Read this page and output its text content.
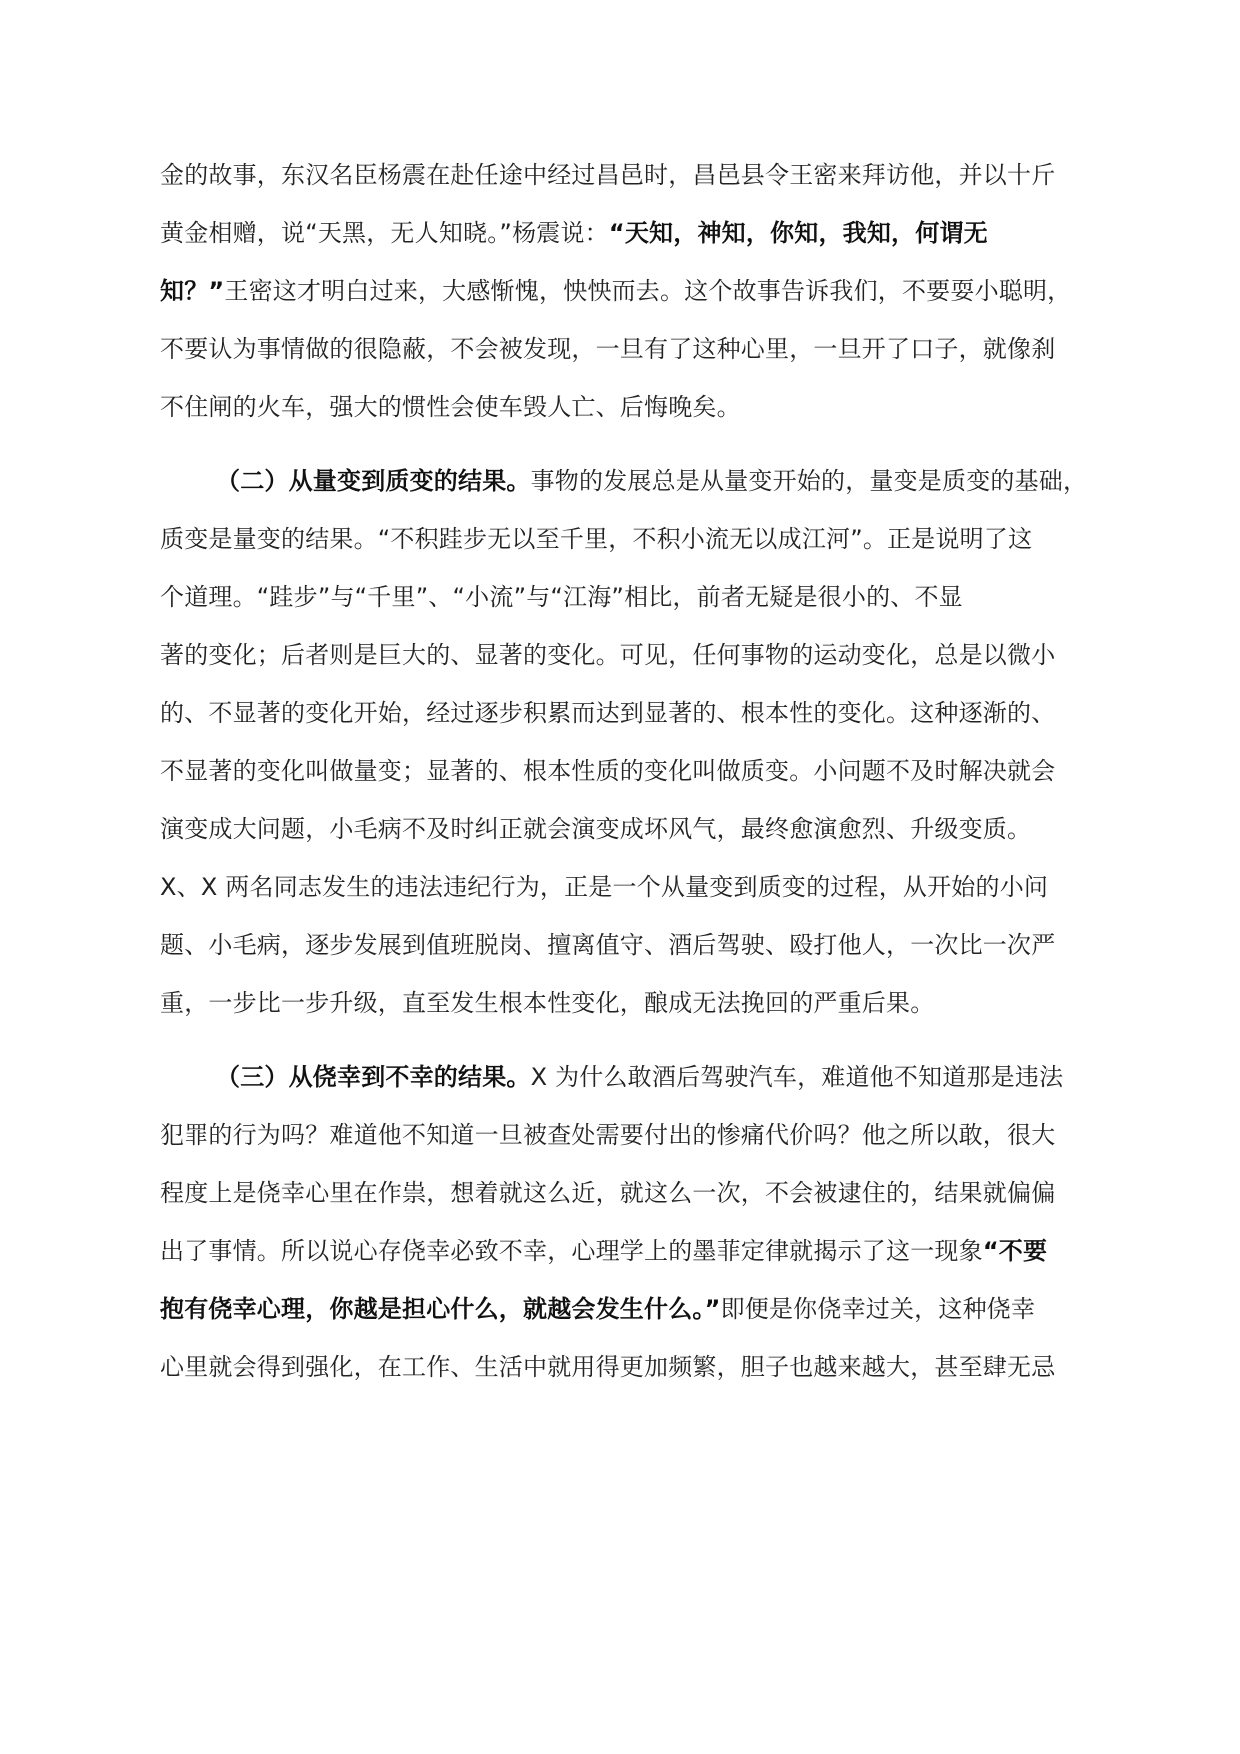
金的故事，东汉名臣杨震在赴任途中经过昌邑时，昌邑县令王密来拜访他，并以十斤
黄金相赠，说“天黑，无人知晓。”杨震说：“天知，神知，你知，我知，何谓无
知？”王密这才明白过来，大感惭愧，怏怏而去。这个故事告诉我们，不要耍小聪明，
不要认为事情做的很隐蔽，不会被发现，一旦有了这种心里，一旦开了口子，就像刹
不住闸的火车，强大的惯性会使车毁人亡、后悔晚矣。
（二）从量变到质变的结果。事物的发展总是从量变开始的，量变是质变的基础，
质变是量变的结果。“不积跬步无以至千里，不积小流无以成江河”。正是说明了这
个道理。“跬步”与“千里”、“小流”与“江海”相比，前者无疑是很小的、不显
著的变化；后者则是巨大的、显著的变化。可见，任何事物的运动变化，总是以微小
的、不显著的变化开始，经过逐步积累而达到显著的、根本性的变化。这种逐渐的、
不显著的变化叫做量变；显著的、根本性质的变化叫做质变。小问题不及时解决就会
演变成大问题，小毛病不及时纠正就会演变成坏风气，最终愈演愈烈、升级变质。
X、X 两名同志发生的违法违纪行为，正是一个从量变到质变的过程，从开始的小问
题、小毛病，逐步发展到值班脱岗、擅离值守、酒后驾驶、殴打他人，一次比一次严
重，一步比一步升级，直至发生根本性变化，酿成无法挽回的严重后果。
（三）从侥幸到不幸的结果。X 为什么敢酒后驾驶汽车，难道他不知道那是违法
犯罪的行为吗？难道他不知道一旦被查处需要付出的惨痛代价吗？他之所以敢，很大
程度上是侥幸心里在作祟，想着就这么近，就这么一次，不会被逮住的，结果就偏偏
出了事情。所以说心存侥幸必致不幸，心理学上的墨菲定律就揭示了这一现象“不要
抱有侥幸心理，你越是担心什么，就越会发生什么。”即便是你侥幸过关，这种侥幸
心里就会得到强化，在工作、生活中就用得更加频繁，胆子也越来越大，甚至肆无忌
